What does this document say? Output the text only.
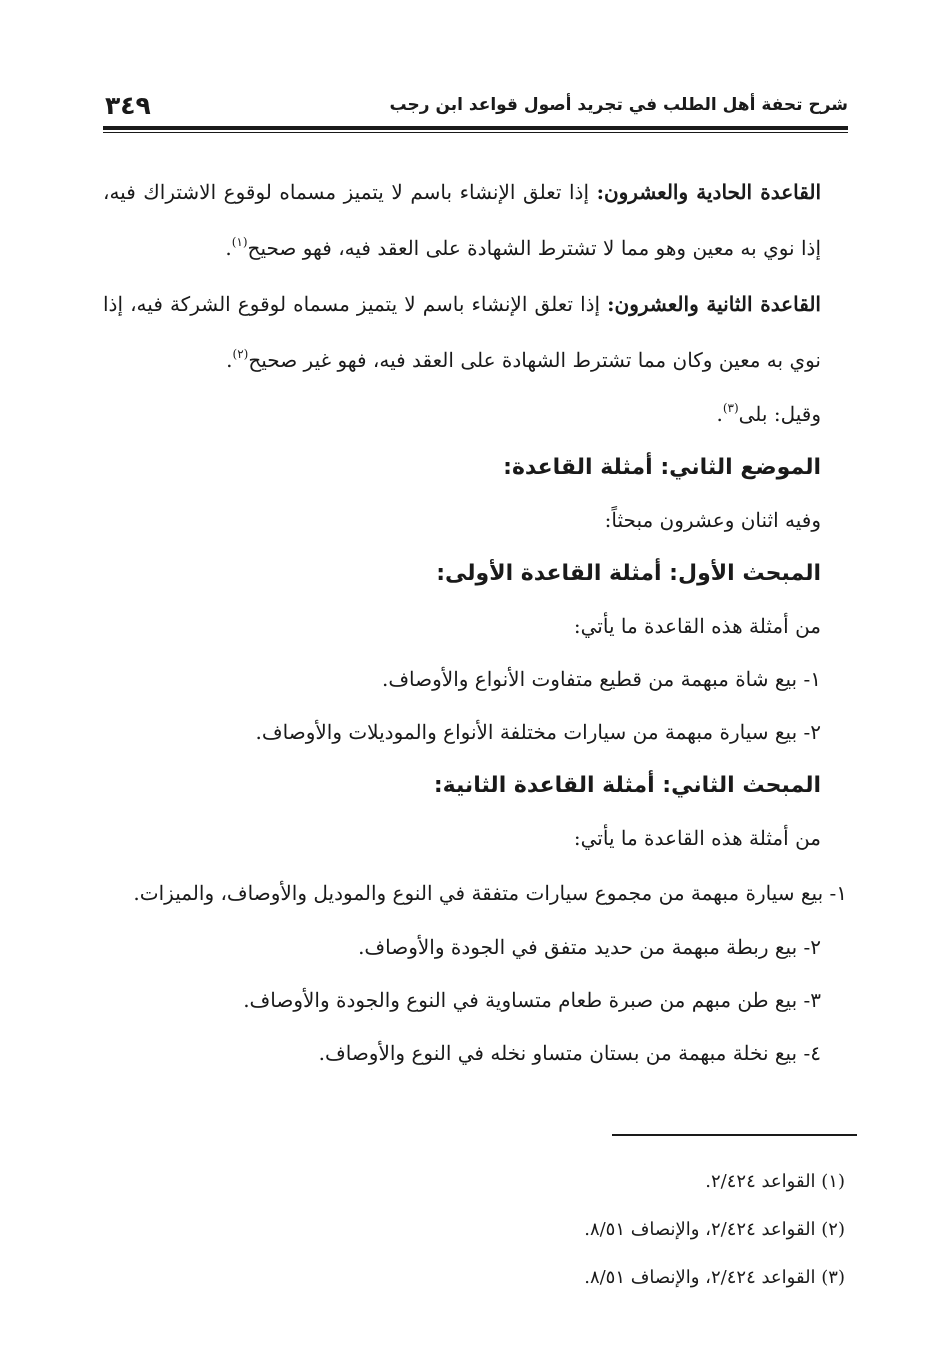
٣٤٩	شرح تحفة أهل الطلب في تجريد أصول قواعد ابن رجب

القاعدة الحادية والعشرون: إذا تعلق الإنشاء باسم لا يتميز مسماه لوقوع الاشتراك فيه، إذا نوي به معين وهو مما لا تشترط الشهادة على العقد فيه، فهو صحيح$^{(١)}$.

القاعدة الثانية والعشرون: إذا تعلق الإنشاء باسم لا يتميز مسماه لوقوع الشركة فيه، إذا نوي به معين وكان مما تشترط الشهادة على العقد فيه، فهو غير صحيح$^{(٢)}$.

وقيل: بلى$^{(٣)}$.

الموضع الثاني: أمثلة القاعدة:

وفيه اثنان وعشرون مبحثاً:

المبحث الأول: أمثلة القاعدة الأولى:

من أمثلة هذه القاعدة ما يأتي:

١- بيع شاة مبهمة من قطيع متفاوت الأنواع والأوصاف.

٢- بيع سيارة مبهمة من سيارات مختلفة الأنواع والموديلات والأوصاف.

المبحث الثاني: أمثلة القاعدة الثانية:

من أمثلة هذه القاعدة ما يأتي:

١- بيع سيارة مبهمة من مجموع سيارات متفقة في النوع والموديل والأوصاف، والميزات.

٢- بيع ربطة مبهمة من حديد متفق في الجودة والأوصاف.

٣- بيع طن مبهم من صبرة طعام متساوية في النوع والجودة والأوصاف.

٤- بيع نخلة مبهمة من بستان متساو نخله في النوع والأوصاف.

(١) القواعد ٢/٤٢٤.

(٢) القواعد ٢/٤٢٤، والإنصاف ٨/٥١.

(٣) القواعد ٢/٤٢٤، والإنصاف ٨/٥١.
